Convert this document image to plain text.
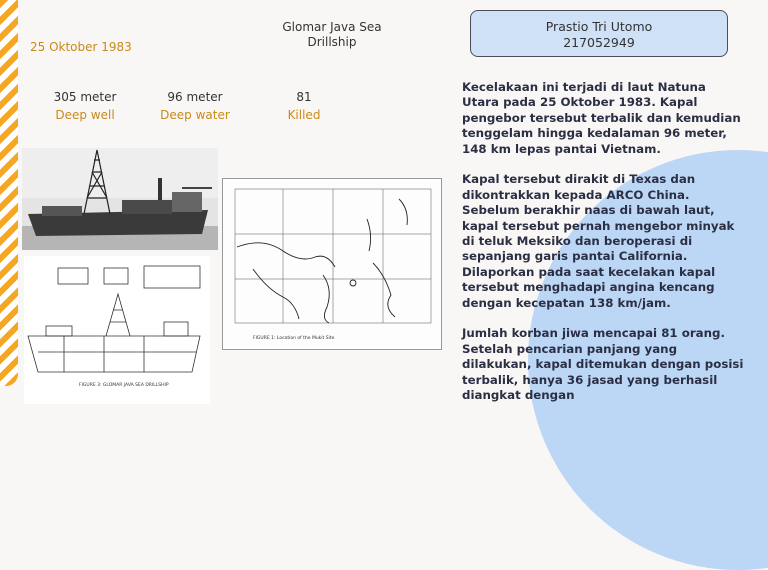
25 Oktober 1983
Glomar Java Sea
Drillship
Prastio Tri Utomo
217052949
305 meter
Deep well
96 meter
Deep water
81
Killed
FIGURE 3: GLOMAR JAVA SEA DRILLSHIP
FIGURE 1: Location of the Mukit Site

Kecelakaan ini terjadi di laut Natuna Utara pada 25 Oktober 1983. Kapal pengebor tersebut terbalik dan kemudian tenggelam hingga kedalaman 96 meter, 148 km lepas pantai Vietnam.

Kapal tersebut dirakit di Texas dan dikontrakkan kepada ARCO China. Sebelum berakhir naas di bawah laut, kapal tersebut pernah mengebor minyak di teluk Meksiko dan beroperasi di sepanjang garis pantai California. Dilaporkan pada saat kecelakan kapal tersebut menghadapi angina kencang dengan kecepatan 138 km/jam.

Jumlah korban jiwa mencapai 81 orang. Setelah pencarian panjang yang dilakukan, kapal ditemukan dengan posisi terbalik, hanya 36 jasad yang berhasil diangkat dengan
